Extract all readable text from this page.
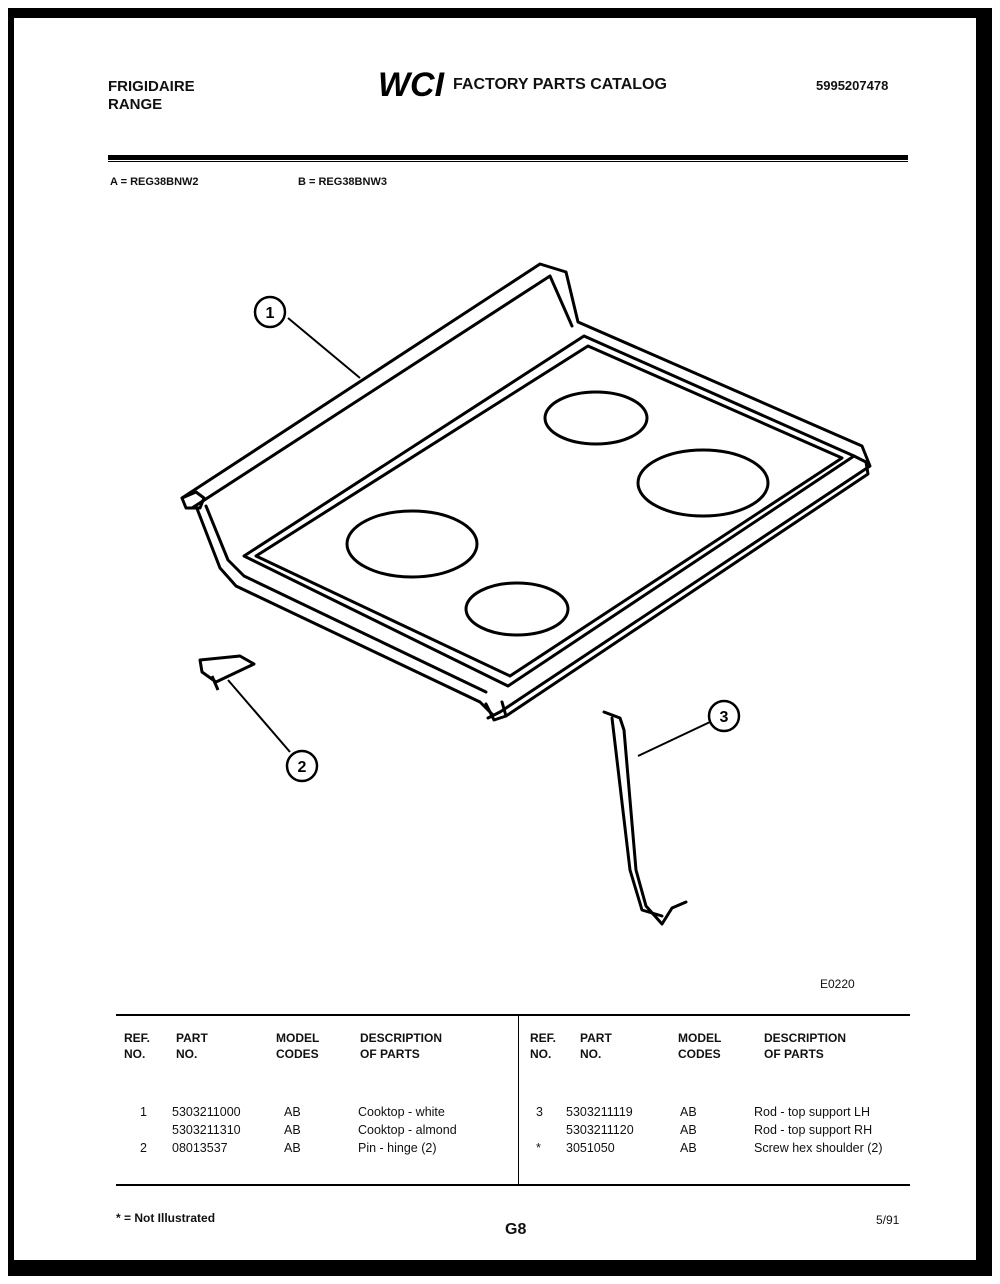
FRIGIDAIRE
RANGE
WCI FACTORY PARTS CATALOG	5995207478
A = REG38BNW2	B = REG38BNW3
1
2
3
E0220
REF.
NO.
PART
NO.
MODEL
CODES
DESCRIPTION
OF PARTS
REF.
NO.
PART
NO.
MODEL
CODES
DESCRIPTION
OF PARTS
1 5303211000	AB	Cooktop - white
5303211310	AB	Cooktop - almond
2 08013537	AB	Pin - hinge (2)
3 5303211119	AB	Rod - top support LH
5303211120	AB	Rod - top support RH
* 3051050	AB	Screw hex shoulder (2)
* = Not Illustrated
G8
5/91
